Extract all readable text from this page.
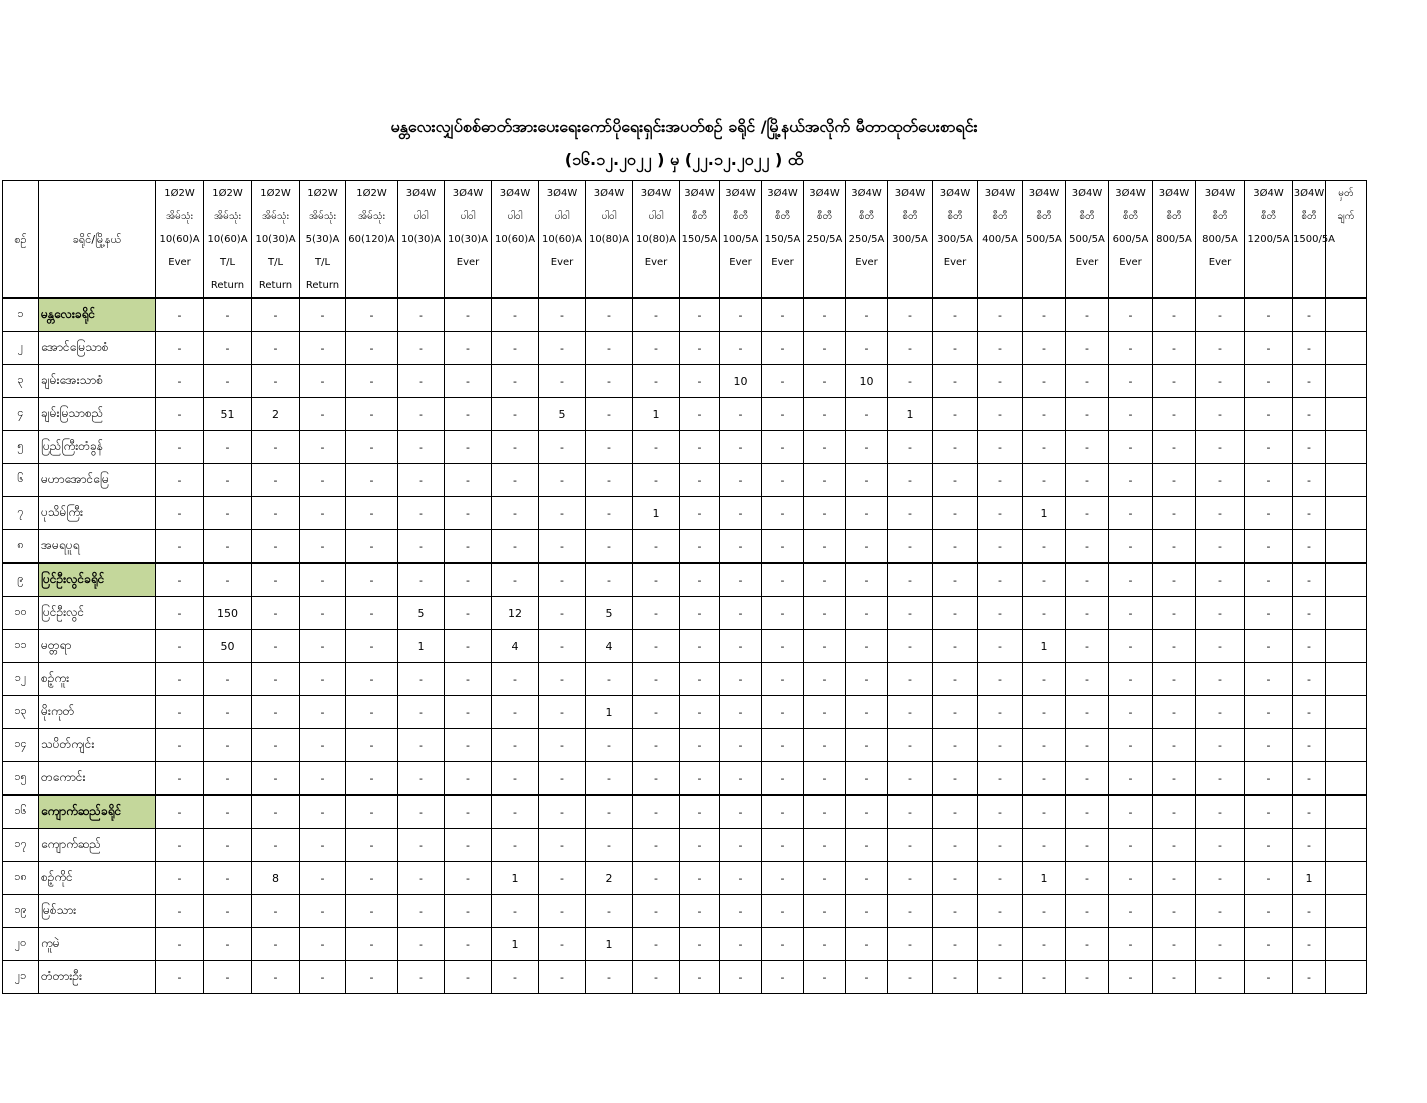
မန္တလေးလျှပ်စစ်ဓာတ်အားပေးရေးကော်ပိုရေးရှင်းအပတ်စဉ် ခရိုင် /မြို့နယ်အလိုက် မီတာထုတ်ပေးစာရင်း
(၁၆.၁၂.၂၀၂၂ ) မှ (၂၂.၁၂.၂၀၂၂ ) ထိ
စဉ်	ခရိုင်/မြို့နယ်	1Ø2W
အိမ်သုံး
10(60)A
Ever	1Ø2W
အိမ်သုံး
10(60)A
T/L
Return	1Ø2W
အိမ်သုံး
10(30)A
T/L
Return	1Ø2W
အိမ်သုံး
5(30)A
T/L
Return	1Ø2W
အိမ်သုံး
60(120)A	3Ø4W
ပါဝါ
10(30)A	3Ø4W
ပါဝါ
10(30)A
Ever	3Ø4W
ပါဝါ
10(60)A	3Ø4W
ပါဝါ
10(60)A
Ever	3Ø4W
ပါဝါ
10(80)A	3Ø4W
ပါဝါ
10(80)A
Ever	3Ø4W
စီတီ
150/5A	3Ø4W
စီတီ
100/5A
Ever	3Ø4W
စီတီ
150/5A
Ever	3Ø4W
စီတီ
250/5A	3Ø4W
စီတီ
250/5A
Ever	3Ø4W
စီတီ
300/5A	3Ø4W
စီတီ
300/5A
Ever	3Ø4W
စီတီ
400/5A	3Ø4W
စီတီ
500/5A	3Ø4W
စီတီ
500/5A
Ever	3Ø4W
စီတီ
600/5A
Ever	3Ø4W
စီတီ
800/5A	3Ø4W
စီတီ
800/5A
Ever	3Ø4W
စီတီ
1200/5A	3Ø4W
စီတီ
1500/5A	မှတ်
ချက်

၁	မန္တလေးခရိုင်	-	-	-	-	-	-	-	-	-	-	-	-	-	-	-	-	-	-	-	-	-	-	-	-	-	-	
၂	အောင်မြေသာစံ	-	-	-	-	-	-	-	-	-	-	-	-	-	-	-	-	-	-	-	-	-	-	-	-	-	-	
၃	ချမ်းအေးသာစံ	-	-	-	-	-	-	-	-	-	-	-	-	10	-	-	10	-	-	-	-	-	-	-	-	-	-	
၄	ချမ်းမြသာစည်	-	51	2	-	-	-	-	-	5	-	1	-	-	-	-	-	1	-	-	-	-	-	-	-	-	-	
၅	ပြည်ကြီးတံခွန်	-	-	-	-	-	-	-	-	-	-	-	-	-	-	-	-	-	-	-	-	-	-	-	-	-	-	
၆	မဟာအောင်မြေ	-	-	-	-	-	-	-	-	-	-	-	-	-	-	-	-	-	-	-	-	-	-	-	-	-	-	
၇	ပုသိမ်ကြီး	-	-	-	-	-	-	-	-	-	-	1	-	-	-	-	-	-	-	-	1	-	-	-	-	-	-	
၈	အမရပူရ	-	-	-	-	-	-	-	-	-	-	-	-	-	-	-	-	-	-	-	-	-	-	-	-	-	-	
၉	ပြင်ဦးလွင်ခရိုင်	-	-	-	-	-	-	-	-	-	-	-	-	-	-	-	-	-	-	-	-	-	-	-	-	-	-	
၁၀	ပြင်ဦးလွင်	-	150	-	-	-	5	-	12	-	5	-	-	-	-	-	-	-	-	-	-	-	-	-	-	-	-	
၁၁	မတ္တရာ	-	50	-	-	-	1	-	4	-	4	-	-	-	-	-	-	-	-	-	1	-	-	-	-	-	-	
၁၂	စဉ့်ကူး	-	-	-	-	-	-	-	-	-	-	-	-	-	-	-	-	-	-	-	-	-	-	-	-	-	-	
၁၃	မိုးကုတ်	-	-	-	-	-	-	-	-	-	1	-	-	-	-	-	-	-	-	-	-	-	-	-	-	-	-	
၁၄	သပိတ်ကျင်း	-	-	-	-	-	-	-	-	-	-	-	-	-	-	-	-	-	-	-	-	-	-	-	-	-	-	
၁၅	တကောင်း	-	-	-	-	-	-	-	-	-	-	-	-	-	-	-	-	-	-	-	-	-	-	-	-	-	-	
၁၆	ကျောက်ဆည်ခရိုင်	-	-	-	-	-	-	-	-	-	-	-	-	-	-	-	-	-	-	-	-	-	-	-	-	-	-	
၁၇	ကျောက်ဆည်	-	-	-	-	-	-	-	-	-	-	-	-	-	-	-	-	-	-	-	-	-	-	-	-	-	-	
၁၈	စဉ့်ကိုင်	-	-	8	-	-	-	-	1	-	2	-	-	-	-	-	-	-	-	-	1	-	-	-	-	-	1	
၁၉	မြစ်သား	-	-	-	-	-	-	-	-	-	-	-	-	-	-	-	-	-	-	-	-	-	-	-	-	-	-	
၂၀	ကူမဲ	-	-	-	-	-	-	-	1	-	1	-	-	-	-	-	-	-	-	-	-	-	-	-	-	-	-	
၂၁	တံတားဦး	-	-	-	-	-	-	-	-	-	-	-	-	-	-	-	-	-	-	-	-	-	-	-	-	-	-	
